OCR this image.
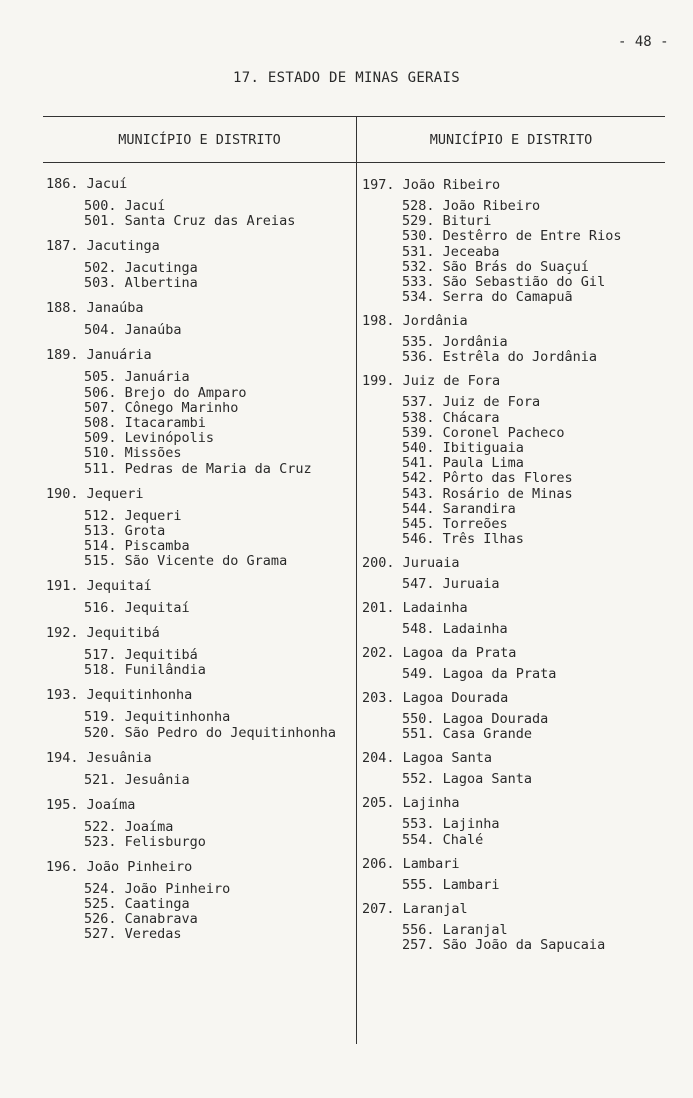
- 48 -
17. ESTADO DE MINAS GERAIS
MUNICÍPIO E DISTRITO	MUNICÍPIO E DISTRITO
186. Jacuí
500. Jacuí
501. Santa Cruz das Areias
187. Jacutinga
502. Jacutinga
503. Albertina
188. Janaúba
504. Janaúba
189. Januária
505. Januária
506. Brejo do Amparo
507. Cônego Marinho
508. Itacarambi
509. Levinópolis
510. Missões
511. Pedras de Maria da Cruz
190. Jequeri
512. Jequeri
513. Grota
514. Piscamba
515. São Vicente do Grama
191. Jequitaí
516. Jequitaí
192. Jequitibá
517. Jequitibá
518. Funilândia
193. Jequitinhonha
519. Jequitinhonha
520. São Pedro do Jequitinhonha
194. Jesuânia
521. Jesuânia
195. Joaíma
522. Joaíma
523. Felisburgo
196. João Pinheiro
524. João Pinheiro
525. Caatinga
526. Canabrava
527. Veredas
197. João Ribeiro
528. João Ribeiro
529. Bituri
530. Destêrro de Entre Rios
531. Jeceaba
532. São Brás do Suaçuí
533. São Sebastião do Gil
534. Serra do Camapuã
198. Jordânia
535. Jordânia
536. Estrêla do Jordânia
199. Juiz de Fora
537. Juiz de Fora
538. Chácara
539. Coronel Pacheco
540. Ibitiguaia
541. Paula Lima
542. Pôrto das Flores
543. Rosário de Minas
544. Sarandira
545. Torreões
546. Três Ilhas
200. Juruaia
547. Juruaia
201. Ladainha
548. Ladainha
202. Lagoa da Prata
549. Lagoa da Prata
203. Lagoa Dourada
550. Lagoa Dourada
551. Casa Grande
204. Lagoa Santa
552. Lagoa Santa
205. Lajinha
553. Lajinha
554. Chalé
206. Lambari
555. Lambari
207. Laranjal
556. Laranjal
257. São João da Sapucaia
